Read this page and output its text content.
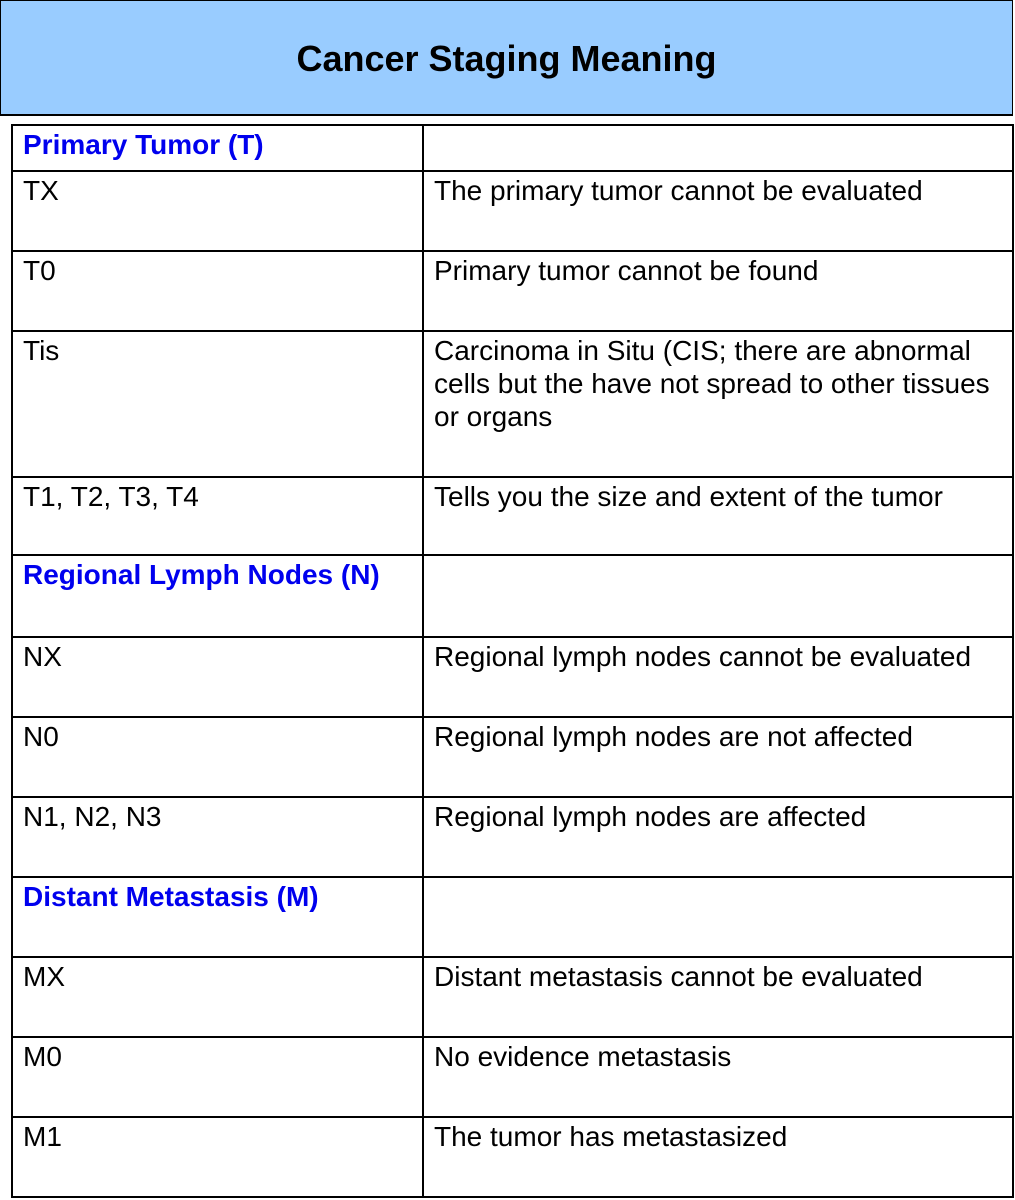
Cancer Staging Meaning
Primary Tumor (T)	
TX	The primary tumor cannot be evaluated
T0	Primary tumor cannot be found
Tis	Carcinoma in Situ (CIS; there are abnormal cells but the have not spread to other tissues or organs
T1, T2, T3, T4	Tells you the size and extent of the tumor
Regional Lymph Nodes (N)	
NX	Regional lymph nodes cannot be evaluated
N0	Regional lymph nodes are not affected
N1, N2, N3	Regional lymph nodes are affected
Distant Metastasis (M)	
MX	Distant metastasis cannot be evaluated
M0	No evidence metastasis
M1	The tumor has metastasized
